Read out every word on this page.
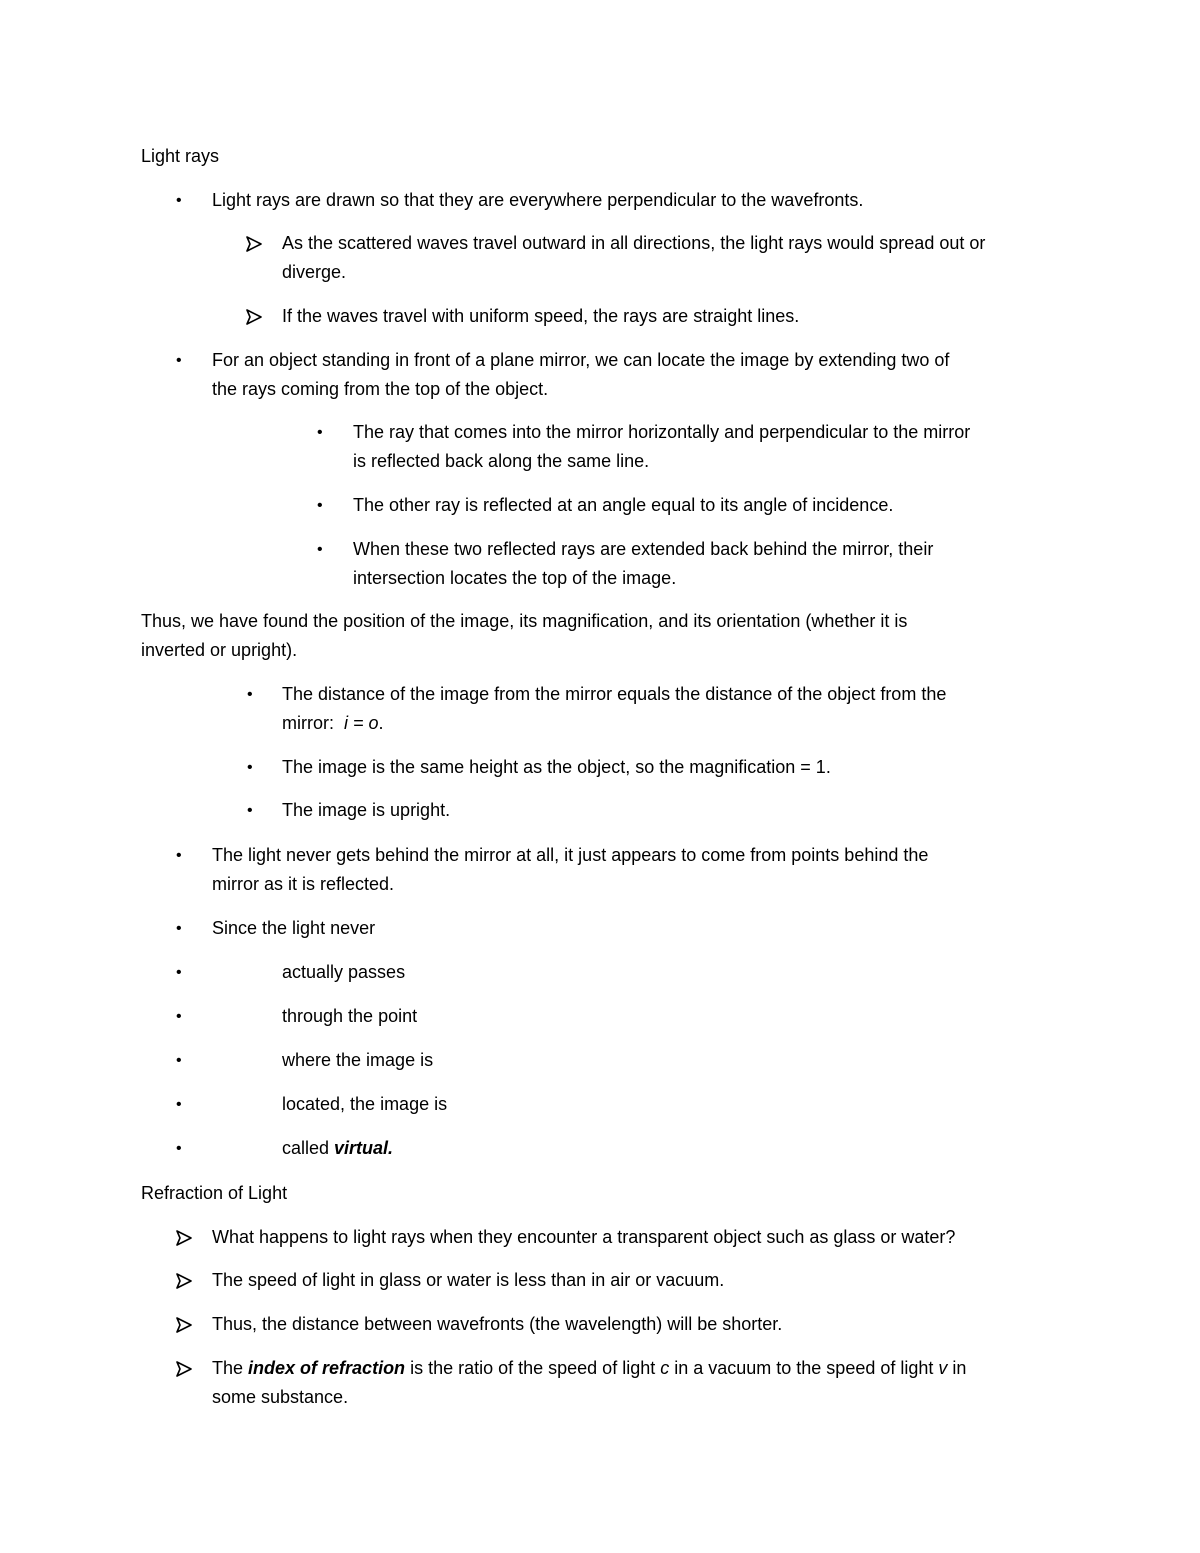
Light rays
• Light rays are drawn so that they are everywhere perpendicular to the wavefronts.
As the scattered waves travel outward in all directions, the light rays would spread out or
diverge.
If the waves travel with uniform speed, the rays are straight lines.
• For an object standing in front of a plane mirror, we can locate the image by extending two of
the rays coming from the top of the object.
• The ray that comes into the mirror horizontally and perpendicular to the mirror
is reflected back along the same line.
• The other ray is reflected at an angle equal to its angle of incidence.
• When these two reflected rays are extended back behind the mirror, their
intersection locates the top of the image.
Thus, we have found the position of the image, its magnification, and its orientation (whether it is
inverted or upright).
• The distance of the image from the mirror equals the distance of the object from the
mirror:  i = o.
• The image is the same height as the object, so the magnification = 1.
• The image is upright.
• The light never gets behind the mirror at all, it just appears to come from points behind the
mirror as it is reflected.
• Since the light never
•	actually passes
•	through the point
•	where the image is
•	located, the image is
•	called virtual.
Refraction of Light
What happens to light rays when they encounter a transparent object such as glass or water?
The speed of light in glass or water is less than in air or vacuum.
Thus, the distance between wavefronts (the wavelength) will be shorter.
The index of refraction is the ratio of the speed of light c in a vacuum to the speed of light v in
some substance.
